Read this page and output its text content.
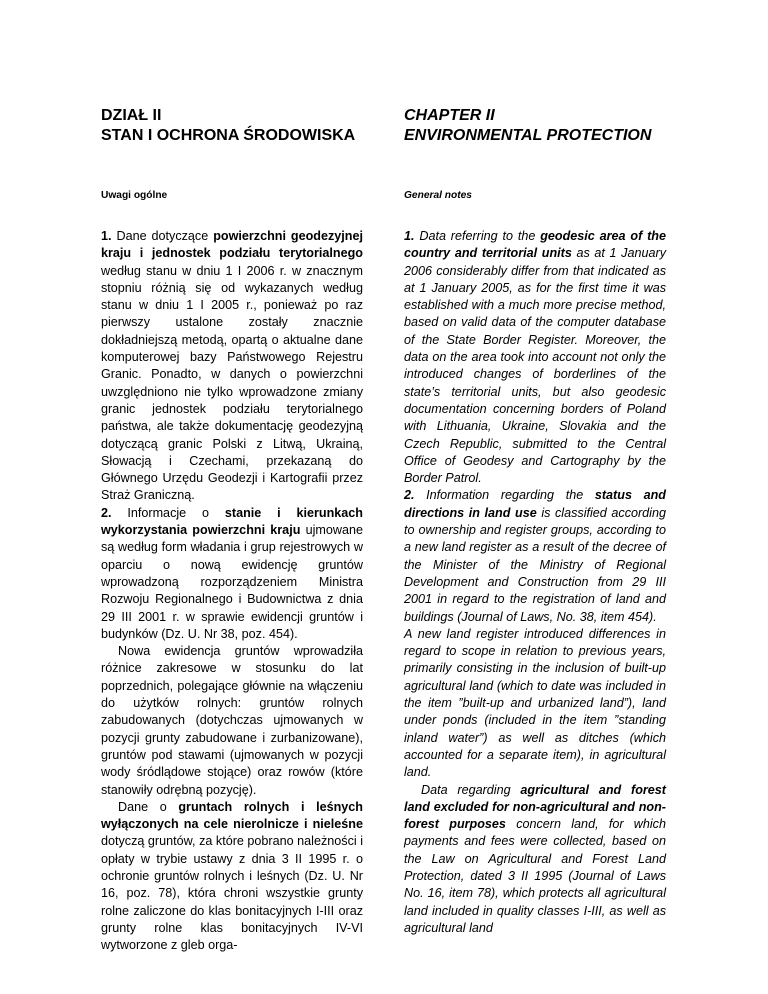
DZIAŁ II
STAN I OCHRONA ŚRODOWISKA
Uwagi ogólne

1. Dane dotyczące powierzchni geodezyjnej kraju i jednostek podziału terytorialnego według stanu w dniu 1 I 2006 r. w znacznym stopniu różnią się od wykazanych według stanu w dniu 1 I 2005 r., ponieważ po raz pierwszy ustalone zostały znacznie dokładniejszą metodą, opartą o aktualne dane komputerowej bazy Państwowego Rejestru Granic. Ponadto, w danych o powierzchni uwzględniono nie tylko wprowadzone zmiany granic jednostek podziału terytorialnego państwa, ale także dokumentację geodezyjną dotyczącą granic Polski z Litwą, Ukrainą, Słowacją i Czechami, przekazaną do Głównego Urzędu Geodezji i Kartografii przez Straż Graniczną.

2. Informacje o stanie i kierunkach wykorzystania powierzchni kraju ujmowane są według form władania i grup rejestrowych w oparciu o nową ewidencję gruntów wprowadzoną rozporządzeniem Ministra Rozwoju Regionalnego i Budownictwa z dnia 29 III 2001 r. w sprawie ewidencji gruntów i budynków (Dz. U. Nr 38, poz. 454).

Nowa ewidencja gruntów wprowadziła różnice zakresowe w stosunku do lat poprzednich, polegające głównie na włączeniu do użytków rolnych: gruntów rolnych zabudowanych (dotychczas ujmowanych w pozycji grunty zabudowane i zurbanizowane), gruntów pod stawami (ujmowanych w pozycji wody śródlądowe stojące) oraz rowów (które stanowiły odrębną pozycję).

Dane o gruntach rolnych i leśnych wyłączonych na cele nierolnicze i nieleśne dotyczą gruntów, za które pobrano należności i opłaty w trybie ustawy z dnia 3 II 1995 r. o ochronie gruntów rolnych i leśnych (Dz. U. Nr 16, poz. 78), która chroni wszystkie grunty rolne zaliczone do klas bonitacyjnych I-III oraz grunty rolne klas bonitacyjnych IV-VI wytworzone z gleb orga-

CHAPTER II
ENVIRONMENTAL PROTECTION
General notes

1. Data referring to the geodesic area of the country and territorial units as at 1 January 2006 considerably differ from that indicated as at 1 January 2005, as for the first time it was established with a much more precise method, based on valid data of the computer database of the State Border Register. Moreover, the data on the area took into account not only the introduced changes of borderlines of the state’s territorial units, but also geodesic documentation concerning borders of Poland with Lithuania, Ukraine, Slovakia and the Czech Republic, submitted to the Central Office of Geodesy and Cartography by the Border Patrol.

2. Information regarding the status and directions in land use is classified according to ownership and register groups, according to a new land register as a result of the decree of the Minister of the Ministry of Regional Development and Construction from 29 III 2001 in regard to the registration of land and buildings (Journal of Laws, No. 38, item 454).

A new land register introduced differences in regard to scope in relation to previous years, primarily consisting in the inclusion of built-up agricultural land (which to date was included in the item ”built-up and urbanized land”), land under ponds (included in the item ”standing inland water”) as well as ditches (which accounted for a separate item), in agricultural land.

Data regarding agricultural and forest land excluded for non-agricultural and non-forest purposes concern land, for which payments and fees were collected, based on the Law on Agricultural and Forest Land Protection, dated 3 II 1995 (Journal of Laws No. 16, item 78), which protects all agricultural land included in quality classes I-III, as well as agricultural land
